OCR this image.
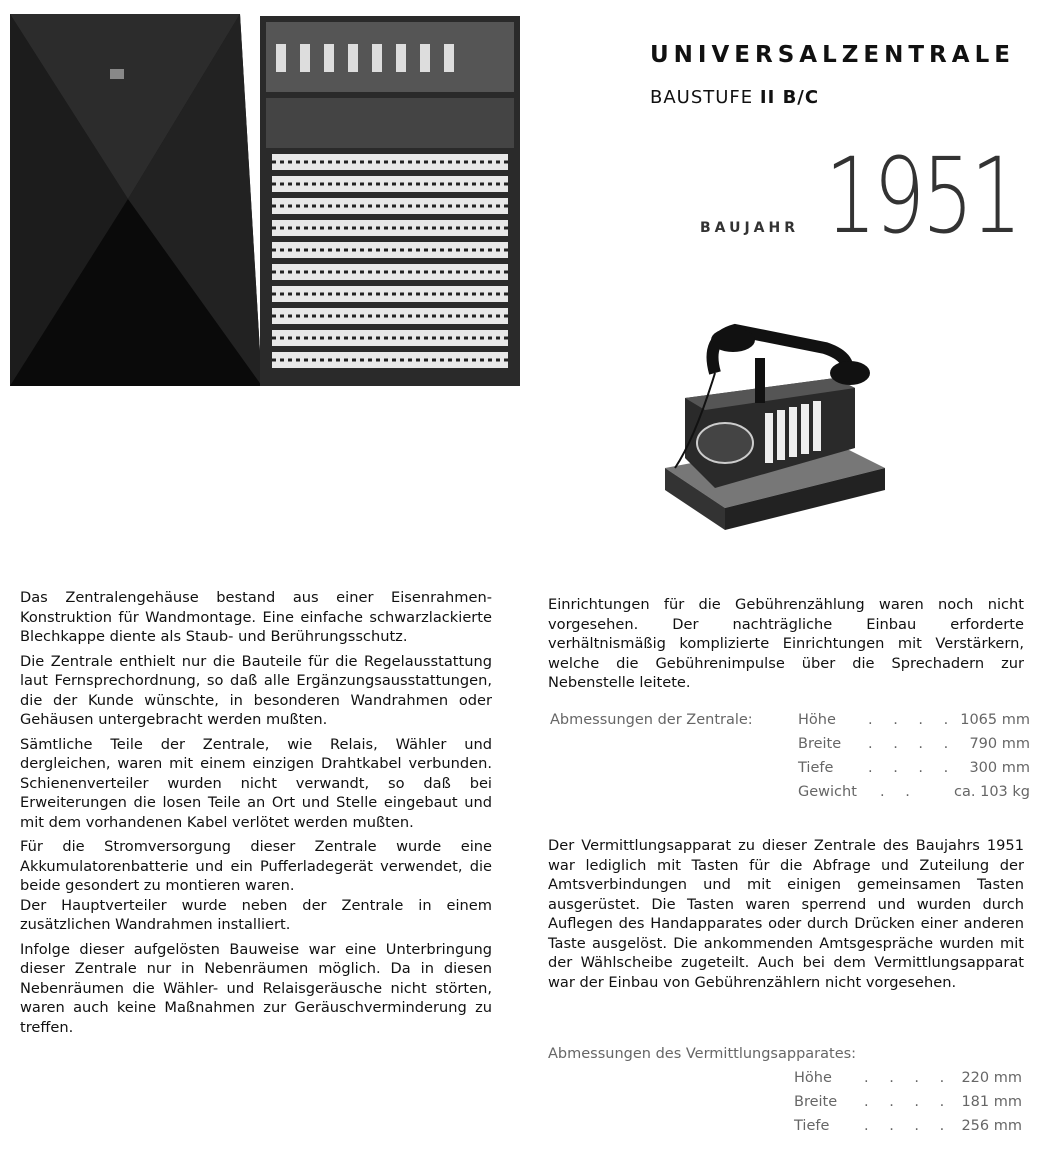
UNIVERSALZENTRALE
BAUSTUFE II B/C
BAUJAHR 1951

Das Zentralengehäuse bestand aus einer Eisenrahmen-Konstruktion für Wandmontage. Eine einfache schwarzlackierte Blechkappe diente als Staub- und Berührungsschutz.

Die Zentrale enthielt nur die Bauteile für die Regelausstattung laut Fernsprechordnung, so daß alle Ergänzungsausstattungen, die der Kunde wünschte, in besonderen Wandrahmen oder Gehäusen untergebracht werden mußten.

Sämtliche Teile der Zentrale, wie Relais, Wähler und dergleichen, waren mit einem einzigen Drahtkabel verbunden. Schienenverteiler wurden nicht verwandt, so daß bei Erweiterungen die losen Teile an Ort und Stelle eingebaut und mit dem vorhandenen Kabel verlötet werden mußten.

Für die Stromversorgung dieser Zentrale wurde eine Akkumulatorenbatterie und ein Pufferladegerät verwendet, die beide gesondert zu montieren waren.
Der Hauptverteiler wurde neben der Zentrale in einem zusätzlichen Wandrahmen installiert.

Infolge dieser aufgelösten Bauweise war eine Unterbringung dieser Zentrale nur in Nebenräumen möglich. Da in diesen Nebenräumen die Wähler- und Relaisgeräusche nicht störten, waren auch keine Maßnahmen zur Geräuschverminderung zu treffen.

Einrichtungen für die Gebührenzählung waren noch nicht vorgesehen. Der nachträgliche Einbau erforderte verhältnismäßig komplizierte Einrichtungen mit Verstärkern, welche die Gebührenimpulse über die Sprechadern zur Nebenstelle leitete.

Abmessungen der Zentrale:	Höhe . . . . 1065 mm
Breite . . . . 790 mm
Tiefe . . . . 300 mm
Gewicht . . ca. 103 kg

Der Vermittlungsapparat zu dieser Zentrale des Baujahrs 1951 war lediglich mit Tasten für die Abfrage und Zuteilung der Amtsverbindungen und mit einigen gemeinsamen Tasten ausgerüstet. Die Tasten waren sperrend und wurden durch Auflegen des Handapparates oder durch Drücken einer anderen Taste ausgelöst. Die ankommenden Amtsgespräche wurden mit der Wählscheibe zugeteilt. Auch bei dem Vermittlungsapparat war der Einbau von Gebührenzählern nicht vorgesehen.

Abmessungen des Vermittlungsapparates:
Höhe . . . . 220 mm
Breite . . . . 181 mm
Tiefe . . . . 256 mm
